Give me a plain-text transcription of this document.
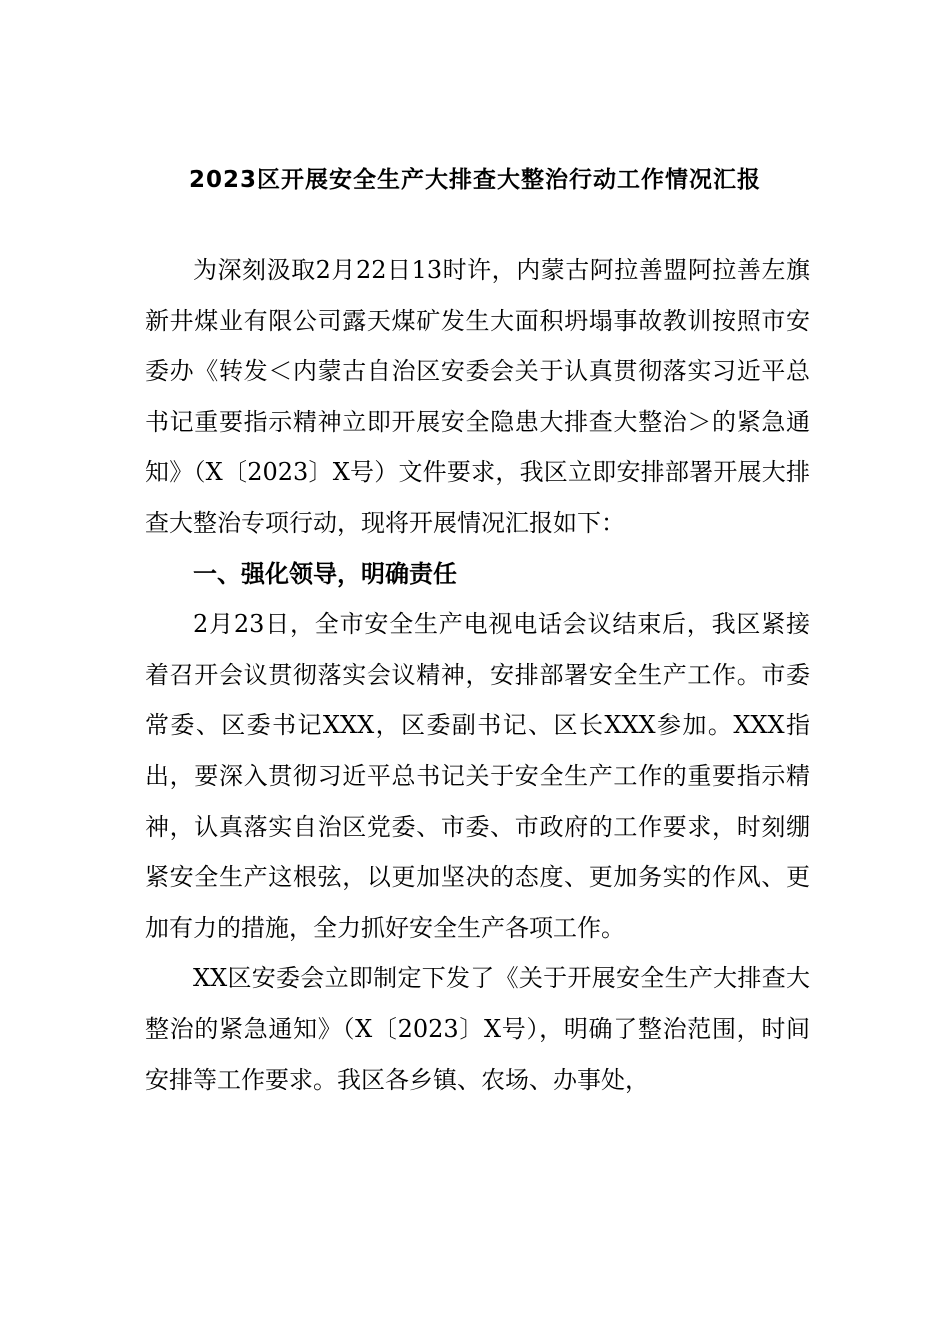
2023区开展安全生产大排查大整治行动工作情况汇报

为深刻汲取2月22日13时许，内蒙古阿拉善盟阿拉善左旗新井煤业有限公司露天煤矿发生大面积坍塌事故教训按照市安委办《转发＜内蒙古自治区安委会关于认真贯彻落实习近平总书记重要指示精神立即开展安全隐患大排查大整治＞的紧急通知》（X〔2023〕X号）文件要求，我区立即安排部署开展大排查大整治专项行动，现将开展情况汇报如下：

一、强化领导，明确责任

2月23日，全市安全生产电视电话会议结束后，我区紧接着召开会议贯彻落实会议精神，安排部署安全生产工作。市委常委、区委书记XXX，区委副书记、区长XXX参加。XXX指出，要深入贯彻习近平总书记关于安全生产工作的重要指示精神，认真落实自治区党委、市委、市政府的工作要求，时刻绷紧安全生产这根弦，以更加坚决的态度、更加务实的作风、更加有力的措施，全力抓好安全生产各项工作。

XX区安委会立即制定下发了《关于开展安全生产大排查大整治的紧急通知》（X〔2023〕X号），明确了整治范围，时间安排等工作要求。我区各乡镇、农场、办事处，
